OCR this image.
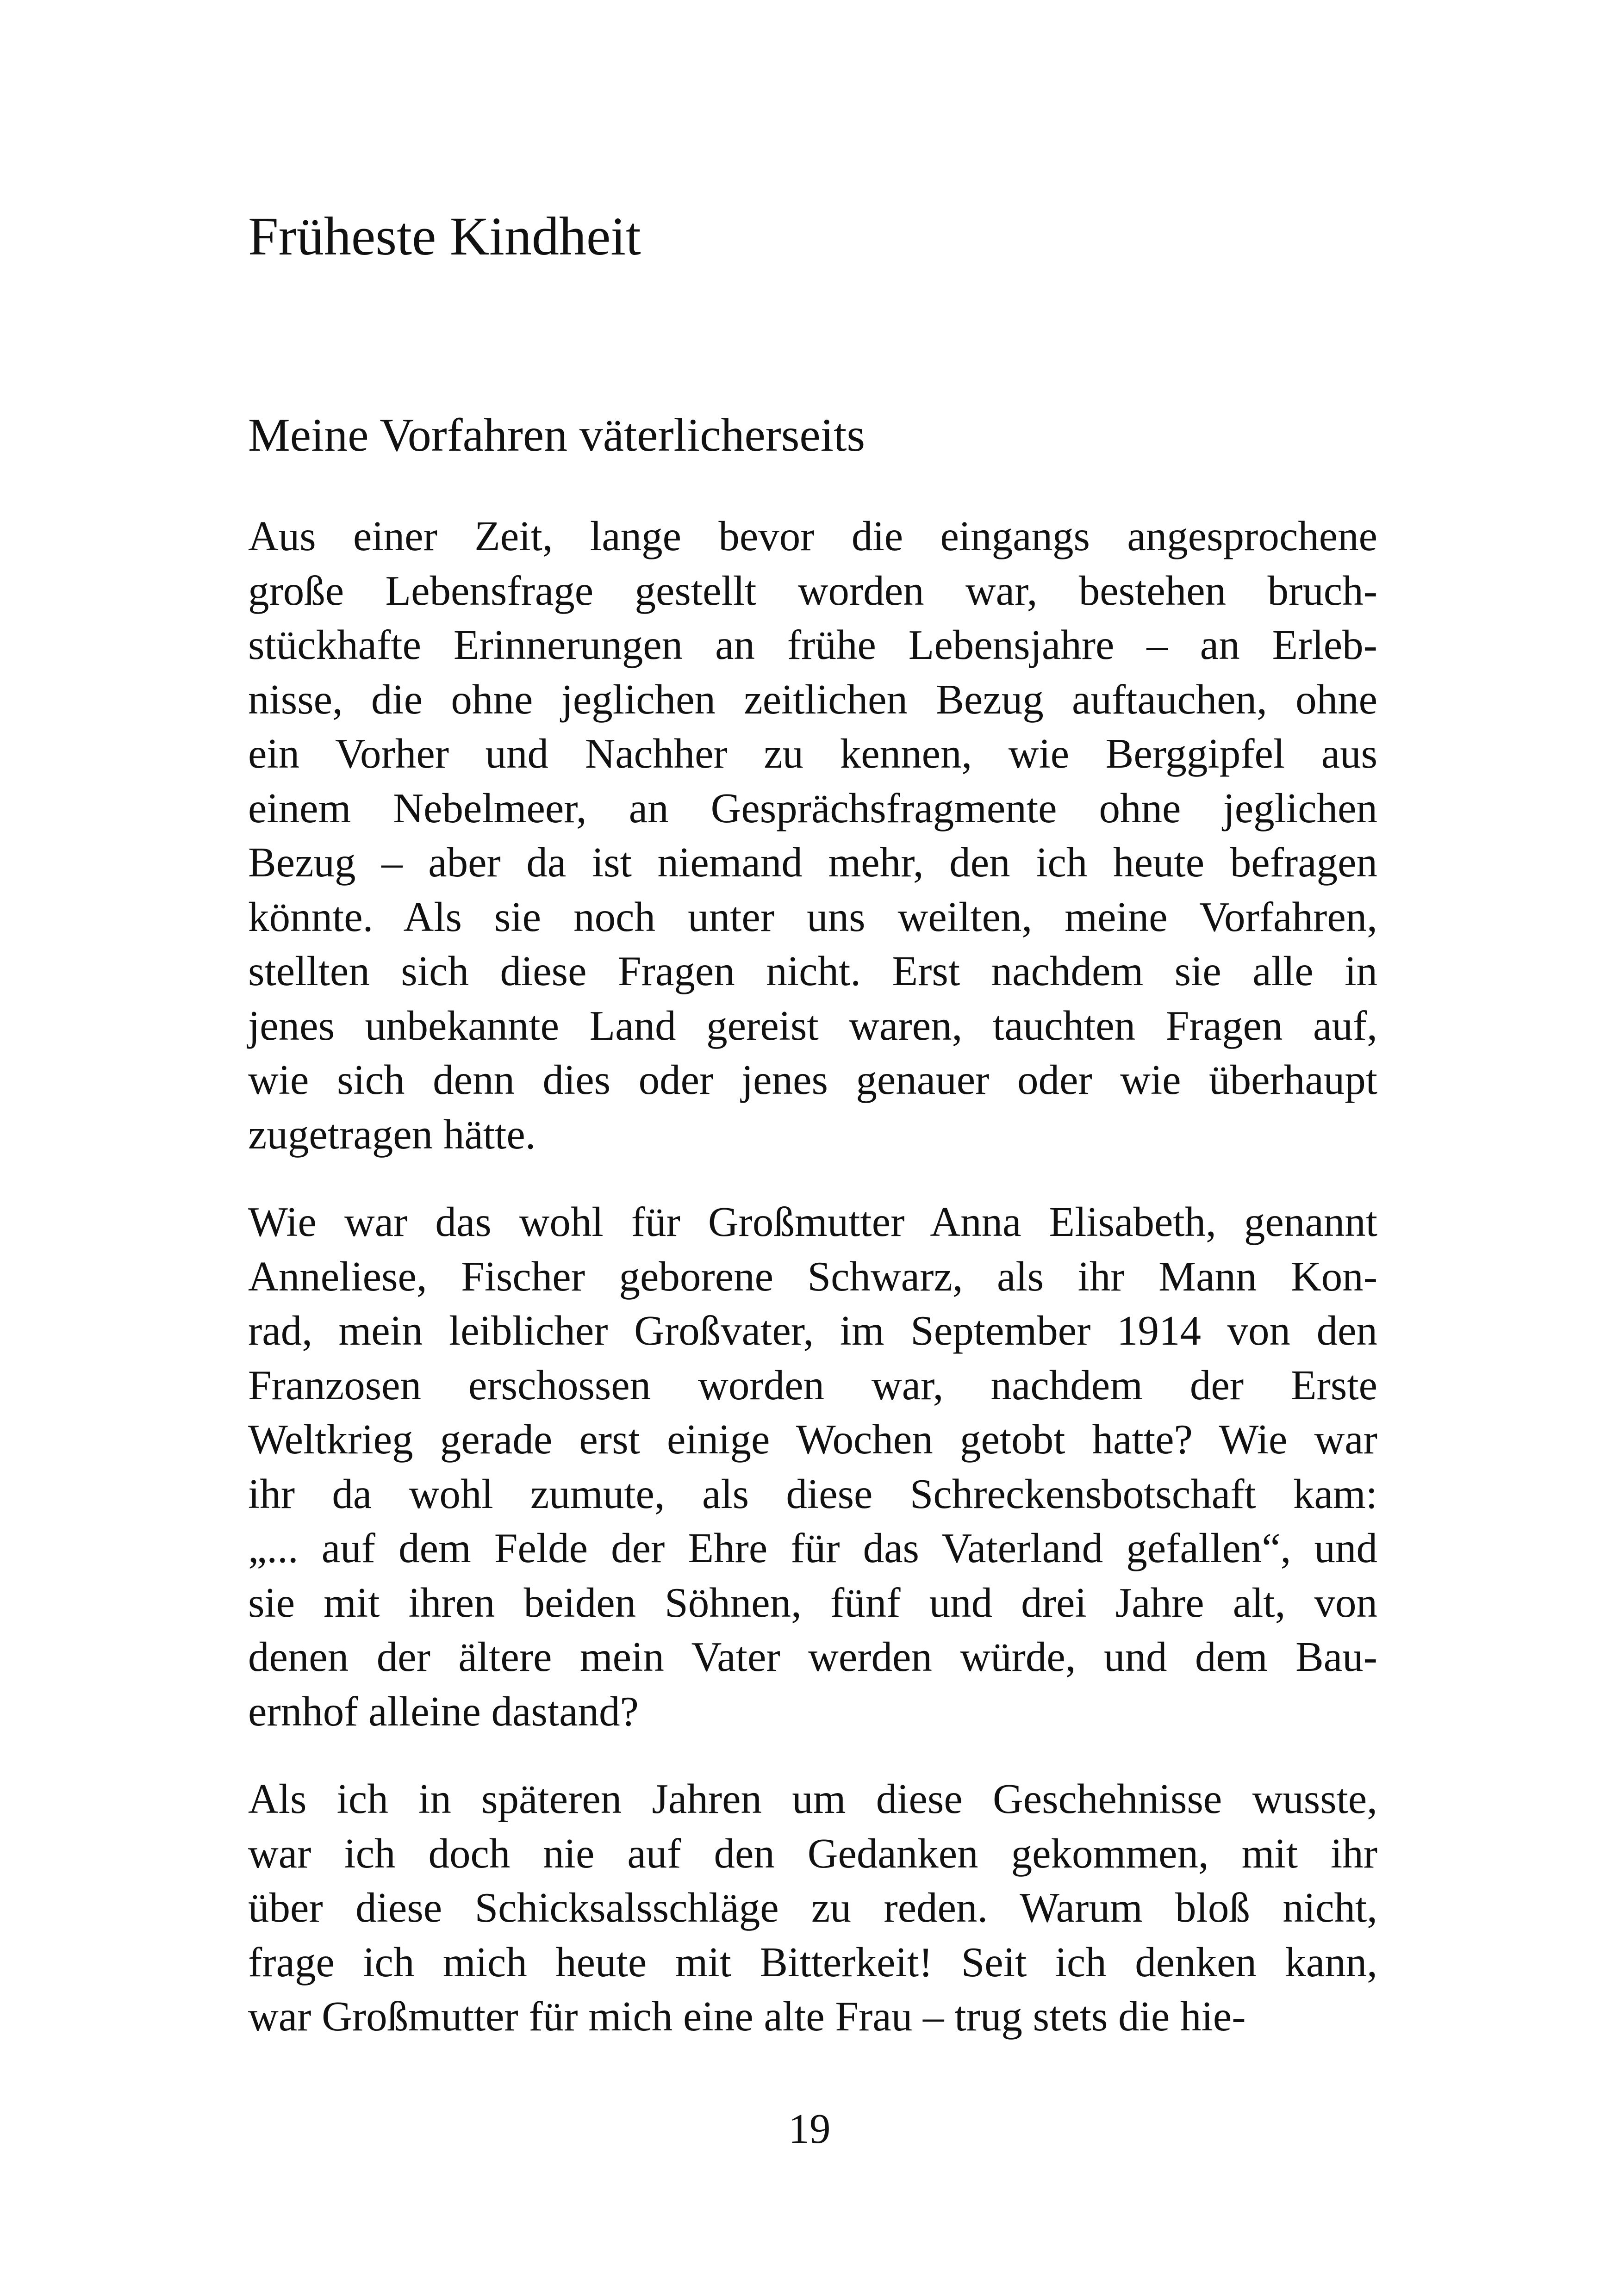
Früheste Kindheit
Meine Vorfahren väterlicherseits

Aus einer Zeit, lange bevor die eingangs angesprochene
große Lebensfrage gestellt worden war, bestehen bruch-
stückhafte Erinnerungen an frühe Lebensjahre – an Erleb-
nisse, die ohne jeglichen zeitlichen Bezug auftauchen, ohne
ein Vorher und Nachher zu kennen, wie Berggipfel aus
einem Nebelmeer, an Gesprächsfragmente ohne jeglichen
Bezug – aber da ist niemand mehr, den ich heute befragen
könnte. Als sie noch unter uns weilten, meine Vorfahren,
stellten sich diese Fragen nicht. Erst nachdem sie alle in
jenes unbekannte Land gereist waren, tauchten Fragen auf,
wie sich denn dies oder jenes genauer oder wie überhaupt
zugetragen hätte.

Wie war das wohl für Großmutter Anna Elisabeth, genannt
Anneliese, Fischer geborene Schwarz, als ihr Mann Kon-
rad, mein leiblicher Großvater, im September 1914 von den
Franzosen erschossen worden war, nachdem der Erste
Weltkrieg gerade erst einige Wochen getobt hatte? Wie war
ihr da wohl zumute, als diese Schreckensbotschaft kam:
„... auf dem Felde der Ehre für das Vaterland gefallen“, und
sie mit ihren beiden Söhnen, fünf und drei Jahre alt, von
denen der ältere mein Vater werden würde, und dem Bau-
ernhof alleine dastand?

Als ich in späteren Jahren um diese Geschehnisse wusste,
war ich doch nie auf den Gedanken gekommen, mit ihr
über diese Schicksalsschläge zu reden. Warum bloß nicht,
frage ich mich heute mit Bitterkeit! Seit ich denken kann,
war Großmutter für mich eine alte Frau – trug stets die hie-

19
